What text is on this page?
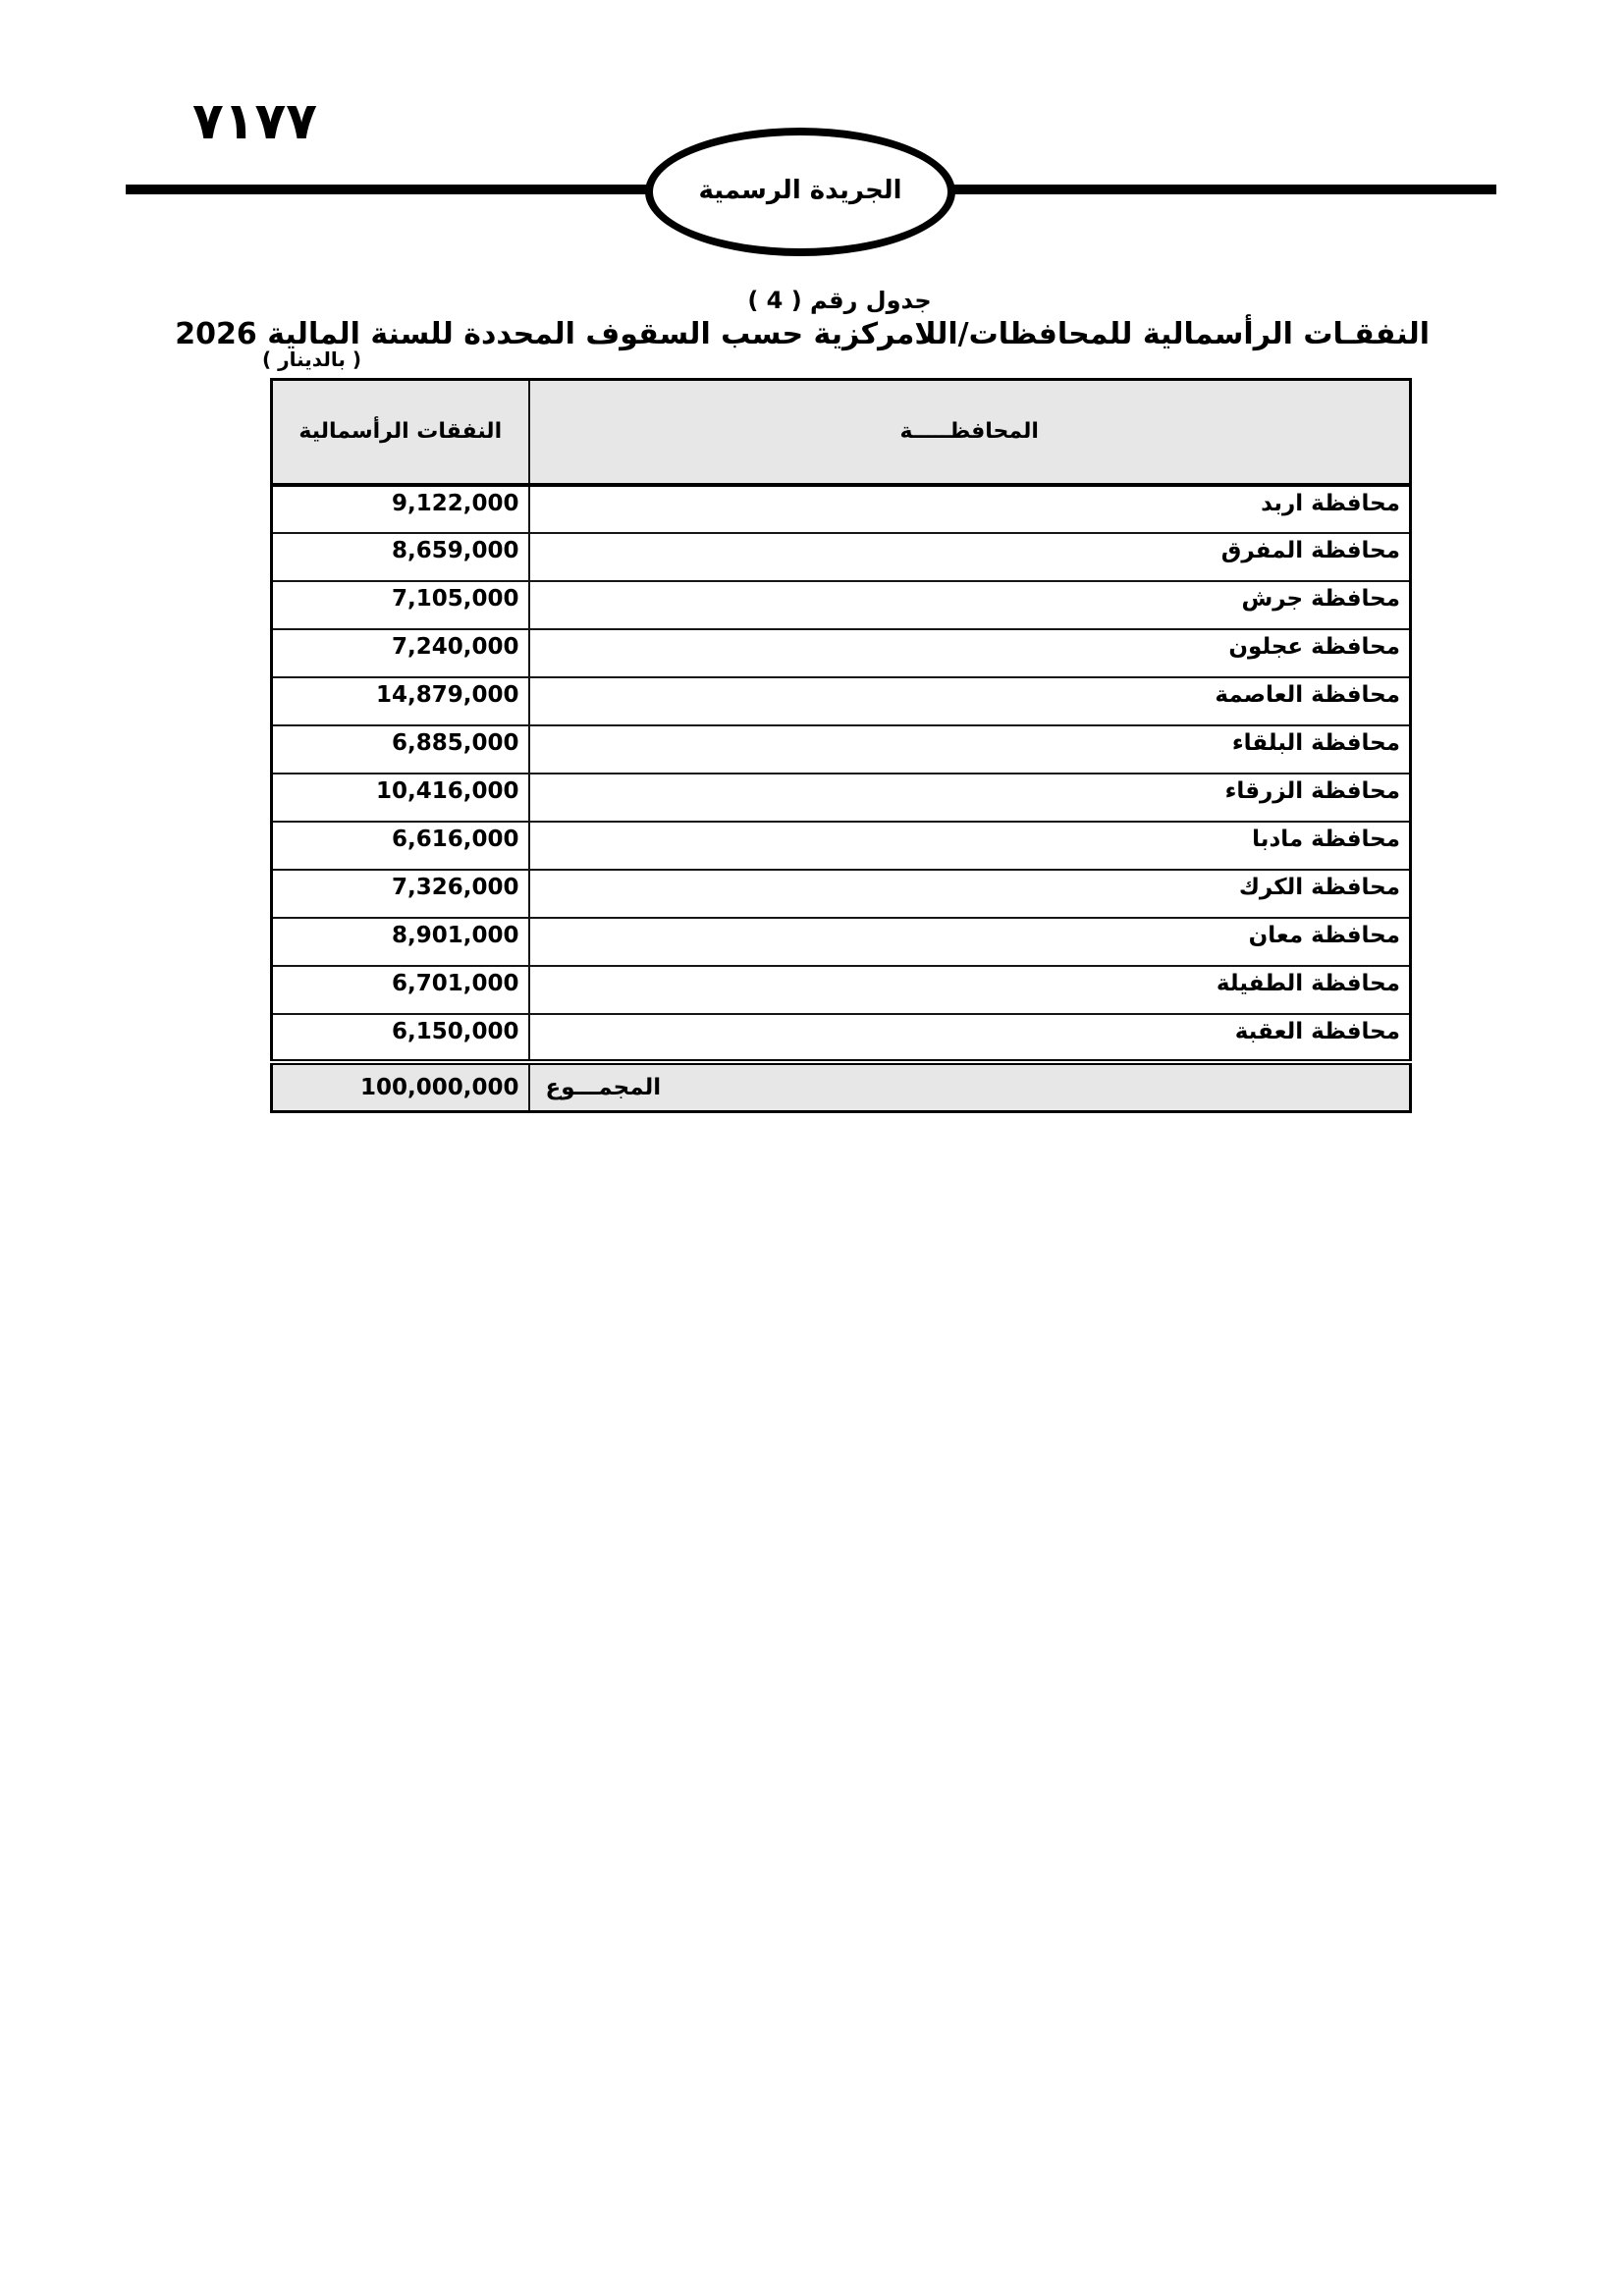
٧١٧٧
الجريدة الرسمية
جدول رقم ( 4 )
النفقـات الرأسمالية للمحافظات/اللامركزية حسب السقوف المحددة للسنة المالية 2026
( بالدينار )
المحافظـــــة	النفقات الرأسمالية
محافظة اربد	9,122,000
محافظة المفرق	8,659,000
محافظة جرش	7,105,000
محافظة عجلون	7,240,000
محافظة العاصمة	14,879,000
محافظة البلقاء	6,885,000
محافظة الزرقاء	10,416,000
محافظة مادبا	6,616,000
محافظة الكرك	7,326,000
محافظة معان	8,901,000
محافظة الطفيلة	6,701,000
محافظة العقبة	6,150,000
المجمـــوع	100,000,000
